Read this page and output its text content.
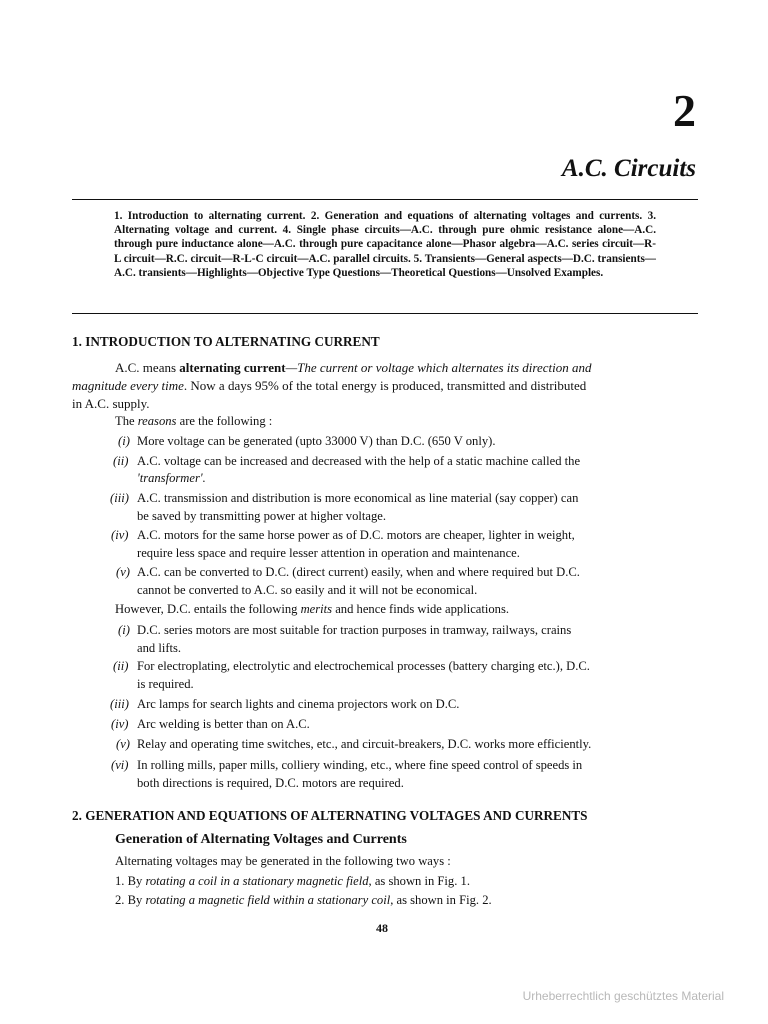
2
A.C. Circuits
1. Introduction to alternating current. 2. Generation and equations of alternating voltages and currents. 3. Alternating voltage and current. 4. Single phase circuits—A.C. through pure ohmic resistance alone—A.C. through pure inductance alone—A.C. through pure capacitance alone—Phasor algebra—A.C. series circuit—R-L circuit—R.C. circuit—R-L-C circuit—A.C. parallel circuits. 5. Transients—General aspects—D.C. transients—A.C. transients—Highlights—Objective Type Questions—Theoretical Questions—Unsolved Examples.
1. INTRODUCTION TO ALTERNATING CURRENT
A.C. means alternating current—The current or voltage which alternates its direction and
magnitude every time. Now a days 95% of the total energy is produced, transmitted and distributed
in A.C. supply.
The reasons are the following :
(i) More voltage can be generated (upto 33000 V) than D.C. (650 V only).
(ii) A.C. voltage can be increased and decreased with the help of a static machine called the
'transformer'.
(iii) A.C. transmission and distribution is more economical as line material (say copper) can
be saved by transmitting power at higher voltage.
(iv) A.C. motors for the same horse power as of D.C. motors are cheaper, lighter in weight,
require less space and require lesser attention in operation and maintenance.
(v) A.C. can be converted to D.C. (direct current) easily, when and where required but D.C.
cannot be converted to A.C. so easily and it will not be economical.
However, D.C. entails the following merits and hence finds wide applications.
(i) D.C. series motors are most suitable for traction purposes in tramway, railways, crains
and lifts.
(ii) For electroplating, electrolytic and electrochemical processes (battery charging etc.), D.C.
is required.
(iii) Arc lamps for search lights and cinema projectors work on D.C.
(iv) Arc welding is better than on A.C.
(v) Relay and operating time switches, etc., and circuit-breakers, D.C. works more efficiently.
(vi) In rolling mills, paper mills, colliery winding, etc., where fine speed control of speeds in
both directions is required, D.C. motors are required.
2. GENERATION AND EQUATIONS OF ALTERNATING VOLTAGES AND CURRENTS
Generation of Alternating Voltages and Currents
Alternating voltages may be generated in the following two ways :
1. By rotating a coil in a stationary magnetic field, as shown in Fig. 1.
2. By rotating a magnetic field within a stationary coil, as shown in Fig. 2.
48
Urheberrechtlich geschütztes Material
